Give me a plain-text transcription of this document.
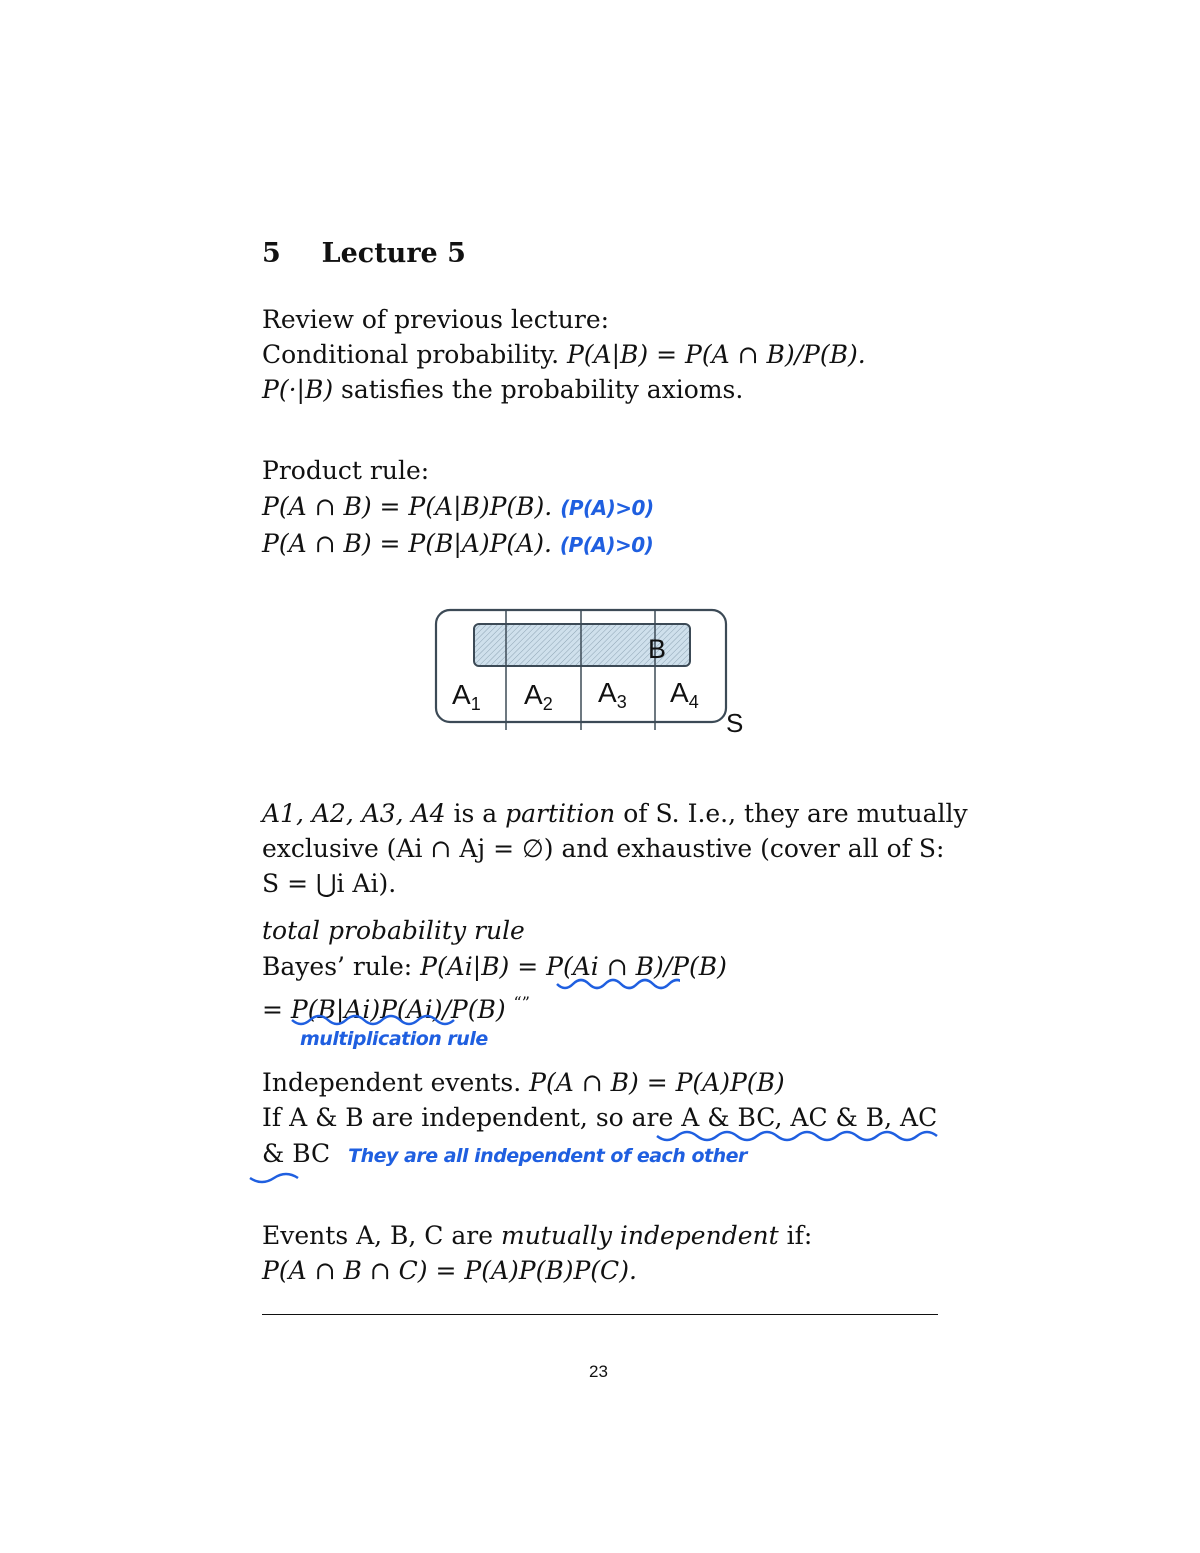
5 Lecture 5
Review of previous lecture:
Conditional probability. P(A|B) = P(A ∩ B)/P(B).
P(·|B) satisfies the probability axioms.
Product rule:
P(A ∩ B) = P(A|B)P(B). (P(A)>0)
P(A ∩ B) = P(B|A)P(A). (P(A)>0)
B
$A_1$ $A_2$ $A_3$ $A_4$
S
A1, A2, A3, A4 is a partition of S. I.e., they are mutually
exclusive (Ai ∩ Aj = ∅) and exhaustive (cover all of S:
S = ⋃i Ai).
total probability rule
Bayes’ rule: P(Ai|B) = P(Ai ∩ B)/P(B)
= P(B|Ai)P(Ai)/P(B) “”
multiplication rule
Independent events. P(A ∩ B) = P(A)P(B)
If A & B are independent, so are A & BC, AC & B, AC
& BC They are all independent of each other
Events A, B, C are mutually independent if:
P(A ∩ B ∩ C) = P(A)P(B)P(C).
23
